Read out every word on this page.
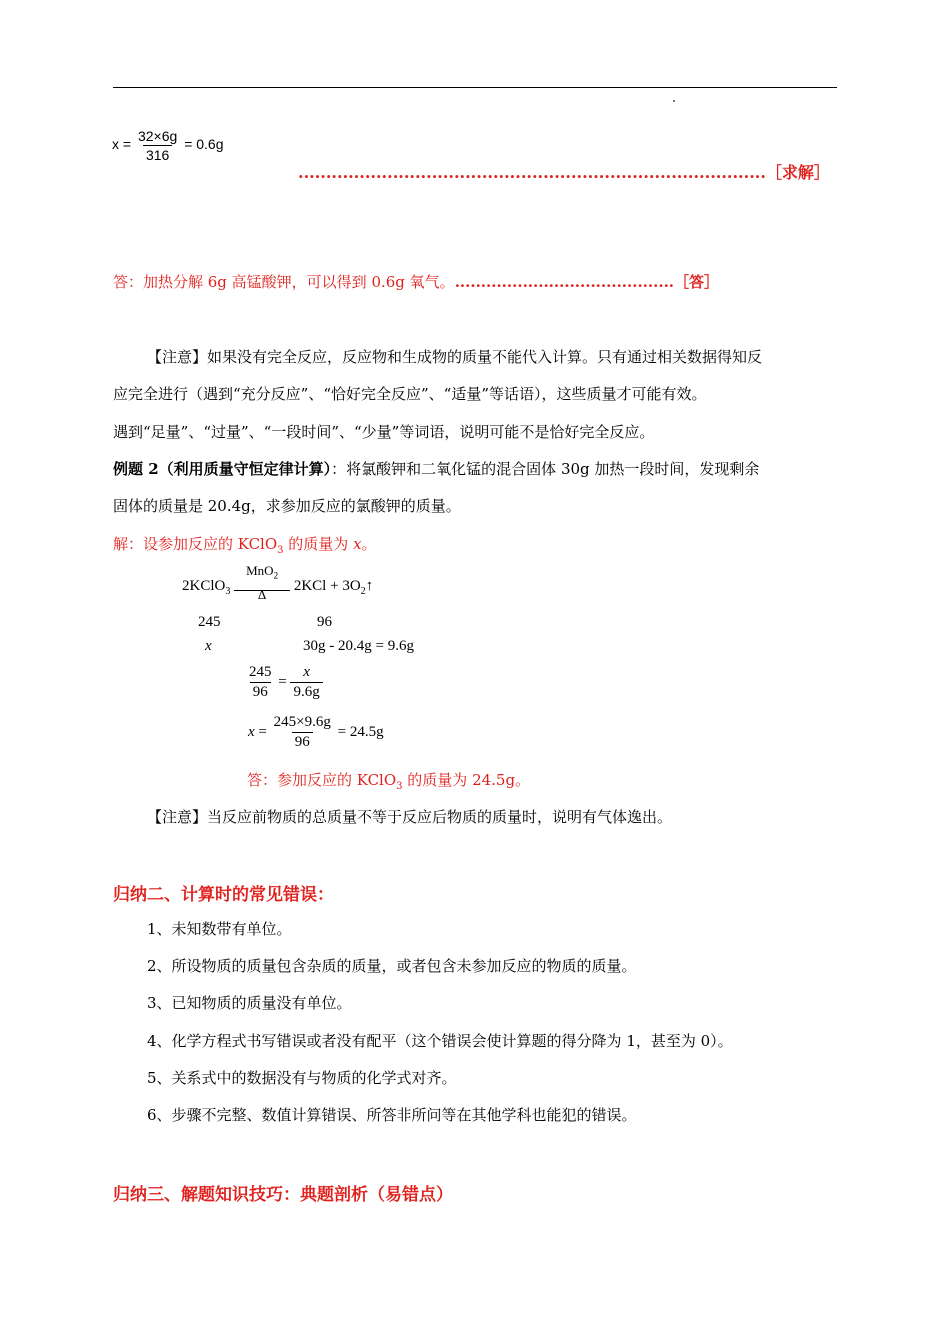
$x = \frac{32\times 6g}{316} = 0.6g$
....................................................................................［求解］
答：加热分解 6g 高锰酸钾，可以得到 0.6g 氧气。..........................................［答］
【注意】如果没有完全反应，反应物和生成物的质量不能代入计算。只有通过相关数据得知反
应完全进行（遇到“充分反应”、“恰好完全反应”、“适量”等话语），这些质量才可能有效。
遇到“足量”、“过量”、“一段时间”、“少量”等词语，说明可能不是恰好完全反应。
例题 2（利用质量守恒定律计算）：将氯酸钾和二氧化锰的混合固体 30g 加热一段时间，发现剩余
固体的质量是 20.4g，求参加反应的氯酸钾的质量。
解：设参加反应的 KClO$_3$ 的质量为 x。
2KClO$_3$
MnO$_2$
Δ
$2KCl + 3O_2↑$
245	96
x	30g - 20.4g = 9.6g
$\frac{245}{96} = \frac{x}{9.6g}$
$x = \frac{245\times 9.6g}{96} = 24.5g$
答：参加反应的 KClO$_3$ 的质量为 24.5g。
【注意】当反应前物质的总质量不等于反应后物质的质量时，说明有气体逸出。
归纳二、计算时的常见错误：
1、未知数带有单位。
2、所设物质的质量包含杂质的质量，或者包含未参加反应的物质的质量。
3、已知物质的质量没有单位。
4、化学方程式书写错误或者没有配平（这个错误会使计算题的得分降为 1，甚至为 0）。
5、关系式中的数据没有与物质的化学式对齐。
6、步骤不完整、数值计算错误、所答非所问等在其他学科也能犯的错误。
归纳三、解题知识技巧：典题剖析（易错点）
